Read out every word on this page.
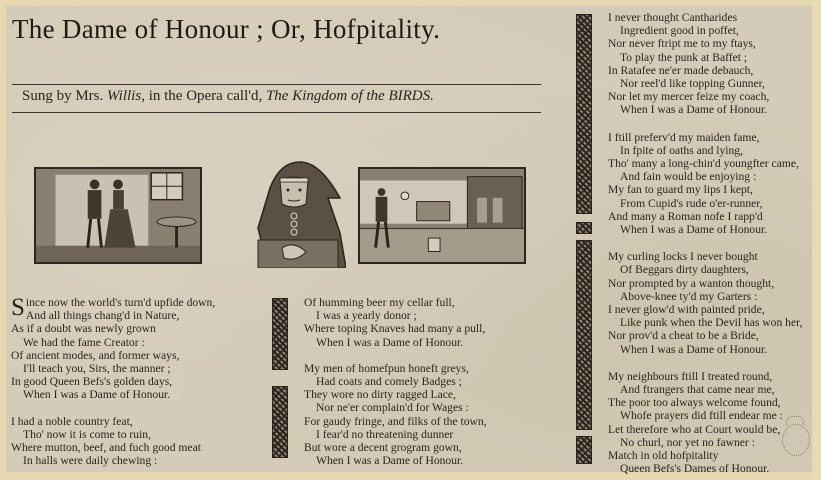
The Dame of Honour ; Or, Hofpitality.

Sung by Mrs. Willis, in the Opera call'd, The Kingdom of the BIRDS.

Since now the world's turn'd upfide down,
And all things chang'd in Nature,
As if a doubt was newly grown
We had the fame Creator :
Of ancient modes, and former ways,
I'll teach you, Sirs, the manner ;
In good Queen Befs's golden days,
When I was a Dame of Honour.
I had a noble country feat,
Tho' now it is come to ruin,
Where mutton, beef, and fuch good meat
In halls were daily chewing :
Of humming beer my cellar full,
I was a yearly donor ;
Where toping Knaves had many a pull,
When I was a Dame of Honour.
My men of homefpun honeft greys,
Had coats and comely Badges ;
They wore no dirty ragged Lace,
Nor ne'er complain'd for Wages :
For gaudy fringe, and filks of the town,
I fear'd no threatening dunner
But wore a decent grogram gown,
When I was a Dame of Honour.
I never thought Cantharides
Ingredient good in poffet,
Nor never ftript me to my ftays,
To play the punk at Baffet ;
In Ratafee ne'er made debauch,
Nor reel'd like topping Gunner,
Nor let my mercer feize my coach,
When I was a Dame of Honour.
I ftill preferv'd my maiden fame,
In fpite of oaths and lying,
Tho' many a long-chin'd youngfter came,
And fain would be enjoying :
My fan to guard my lips I kept,
From Cupid's rude o'er-runner,
And many a Roman nofe I rapp'd
When I was a Dame of Honour.
My curling locks I never bought
Of Beggars dirty daughters,
Nor prompted by a wanton thought,
Above-knee ty'd my Garters :
I never glow'd with painted pride,
Like punk when the Devil has won her,
Nor prov'd a cheat to be a Bride,
When I was a Dame of Honour.
My neighbours ftill I treated round,
And ftrangers that came near me,
The poor too always welcome found,
Whofe prayers did ftill endear me :
Let therefore who at Court would be,
No churl, nor yet no fawner :
Match in old hofpitality
Queen Befs's Dames of Honour.
